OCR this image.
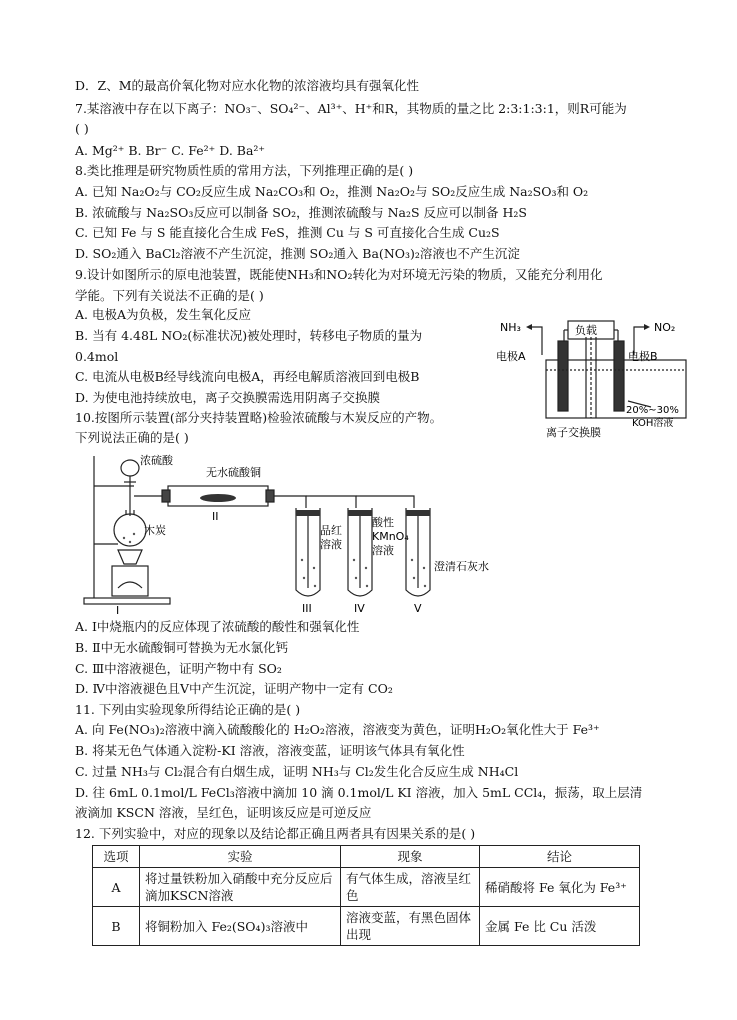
D．Z、M的最高价氧化物对应水化物的浓溶液均具有强氧化性
7.某溶液中存在以下离子：NO₃⁻、SO₄²⁻、Al³⁺、H⁺和R，其物质的量之比 2:3:1:3:1，则R可能为
( )
A. Mg²⁺ B. Br⁻ C. Fe²⁺ D. Ba²⁺
8.类比推理是研究物质性质的常用方法，下列推理正确的是( )
A. 已知 Na₂O₂与 CO₂反应生成 Na₂CO₃和 O₂，推测 Na₂O₂与 SO₂反应生成 Na₂SO₃和 O₂
B. 浓硫酸与 Na₂SO₃反应可以制备 SO₂，推测浓硫酸与 Na₂S 反应可以制备 H₂S
C. 已知 Fe 与 S 能直接化合生成 FeS，推测 Cu 与 S 可直接化合生成 Cu₂S
D. SO₂通入 BaCl₂溶液不产生沉淀，推测 SO₂通入 Ba(NO₃)₂溶液也不产生沉淀
9.设计如图所示的原电池装置，既能使NH₃和NO₂转化为对环境无污染的物质，又能充分利用化
学能。下列有关说法不正确的是( )
A. 电极A为负极，发生氧化反应
B. 当有 4.48L NO₂(标准状况)被处理时，转移电子物质的量为
0.4mol
C. 电流从电极B经导线流向电极A，再经电解质溶液回到电极B
D. 为使电池持续放电，离子交换膜需选用阴离子交换膜
10.按图所示装置(部分夹持装置略)检验浓硫酸与木炭反应的产物。
下列说法正确的是( )
A. Ⅰ中烧瓶内的反应体现了浓硫酸的酸性和强氧化性
B. Ⅱ中无水硫酸铜可替换为无水氯化钙
C. Ⅲ中溶液褪色，证明产物中有 SO₂
D. Ⅳ中溶液褪色且Ⅴ中产生沉淀，证明产物中一定有 CO₂
11. 下列由实验现象所得结论正确的是( )
A. 向 Fe(NO₃)₂溶液中滴入硫酸酸化的 H₂O₂溶液，溶液变为黄色，证明H₂O₂氧化性大于 Fe³⁺
B. 将某无色气体通入淀粉-KI 溶液，溶液变蓝，证明该气体具有氧化性
C. 过量 NH₃与 Cl₂混合有白烟生成，证明 NH₃与 Cl₂发生化合反应生成 NH₄Cl
D. 往 6mL 0.1mol/L FeCl₃溶液中滴加 10 滴 0.1mol/L KI 溶液，加入 5mL CCl₄，振荡，取上层清
液滴加 KSCN 溶液，呈红色，证明该反应是可逆反应
12. 下列实验中，对应的现象以及结论都正确且两者具有因果关系的是( )
NH₃	NO₂
负载
电极A	电极B
20%~30%
KOH溶液
离子交换膜
浓硫酸
无水硫酸铜
II
木炭
I
品红
溶液
酸性
KMnO₄
溶液
澄清石灰水
III	IV	V
选项	实验	现象	结论
A	将过量铁粉加入硝酸中充分反应后滴加KSCN溶液	有气体生成，溶液呈红色	稀硝酸将 Fe 氧化为 Fe³⁺
B	将铜粉加入 Fe₂(SO₄)₃溶液中	溶液变蓝，有黑色固体出现	金属 Fe 比 Cu 活泼
